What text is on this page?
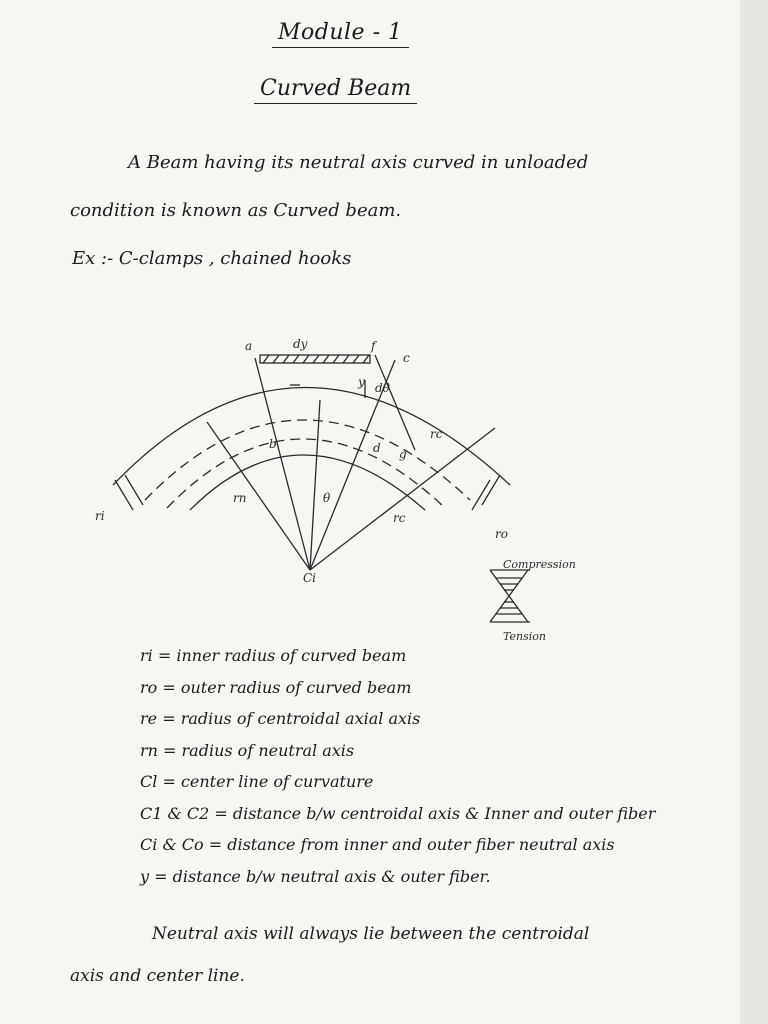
Module - 1
Curved Beam
A Beam having its neutral axis curved in unloaded
condition is known as Curved beam.
Ex :- C-clamps , chained hooks
a	dy
c
f
y dθ
b	d g
θ
rn
rc
rc
ri
ro
Ci
Compression
Tension
ri = inner radius of curved beam
ro = outer radius of curved beam
re = radius of centroidal axial axis
rn = radius of neutral axis
Cl = center line of curvature
C1 & C2 = distance b/w centroidal axis & Inner and outer fiber
Ci & Co = distance from inner and outer fiber neutral axis
y = distance b/w neutral axis & outer fiber.
Neutral axis will always lie between the centroidal
axis and center line.
